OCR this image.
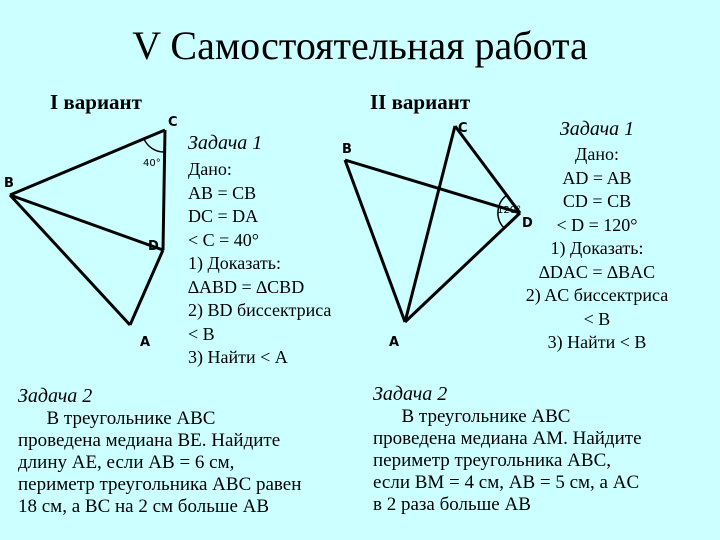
V Самостоятельная работа
I вариант	II вариант
C
B
D
A
40°
B
C
D
A
120°
Задача 1
Дано:
AB = CB
DC = DA
< C = 40°
1) Доказать:
∆ABD = ∆CBD
2) BD биссектриса
< B
3) Найти < A
Задача 1
Дано:
AD = AB
CD = CB
< D = 120°
1) Доказать:
∆DAC = ∆BAC
2) AC биссектриса
< B
3) Найти < B
Задача 2
В треугольнике ABC
проведена медиана BE. Найдите
длину AE, если AB = 6 см,
периметр треугольника ABC равен
18 см, а BC на 2 см больше AB
Задача 2
В треугольнике ABC
проведена медиана AM. Найдите
периметр треугольника ABC,
если BM = 4 см, AB = 5 см, а AC
в 2 раза больше AB
